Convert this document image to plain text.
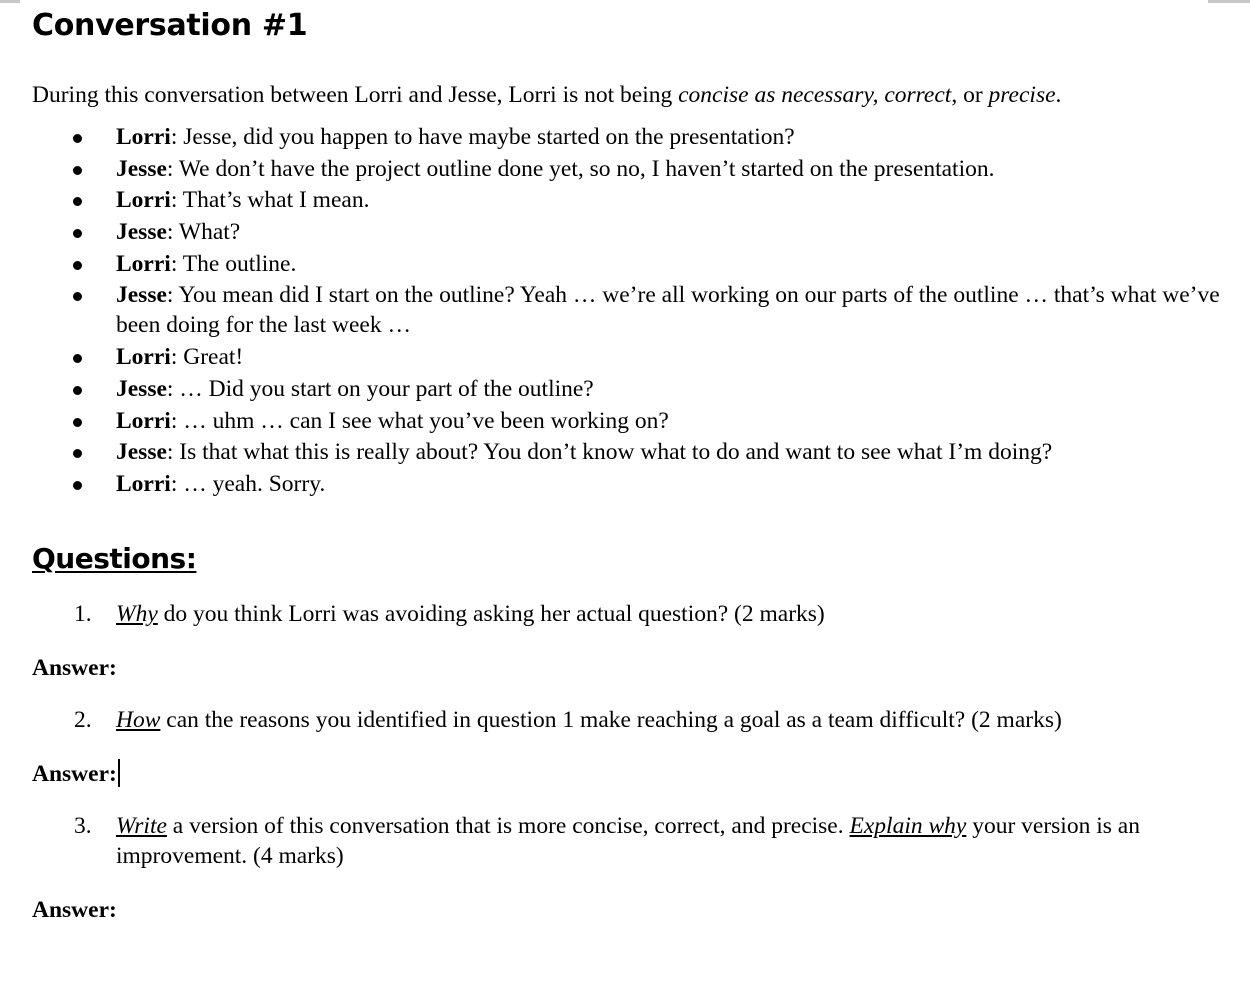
Conversation #1

During this conversation between Lorri and Jesse, Lorri is not being concise as necessary, correct, or precise.

Lorri: Jesse, did you happen to have maybe started on the presentation?
Jesse: We don’t have the project outline done yet, so no, I haven’t started on the presentation.
Lorri: That’s what I mean.
Jesse: What?
Lorri: The outline.
Jesse: You mean did I start on the outline? Yeah … we’re all working on our parts of the outline … that’s what we’ve been doing for the last week …
Lorri: Great!
Jesse: … Did you start on your part of the outline?
Lorri: … uhm … can I see what you’ve been working on?
Jesse: Is that what this is really about? You don’t know what to do and want to see what I’m doing?
Lorri: … yeah. Sorry.
Questions:
1. Why do you think Lorri was avoiding asking her actual question? (2 marks)
Answer:
2. How can the reasons you identified in question 1 make reaching a goal as a team difficult? (2 marks)
Answer:
3. Write a version of this conversation that is more concise, correct, and precise. Explain why your version is an improvement. (4 marks)
Answer:
